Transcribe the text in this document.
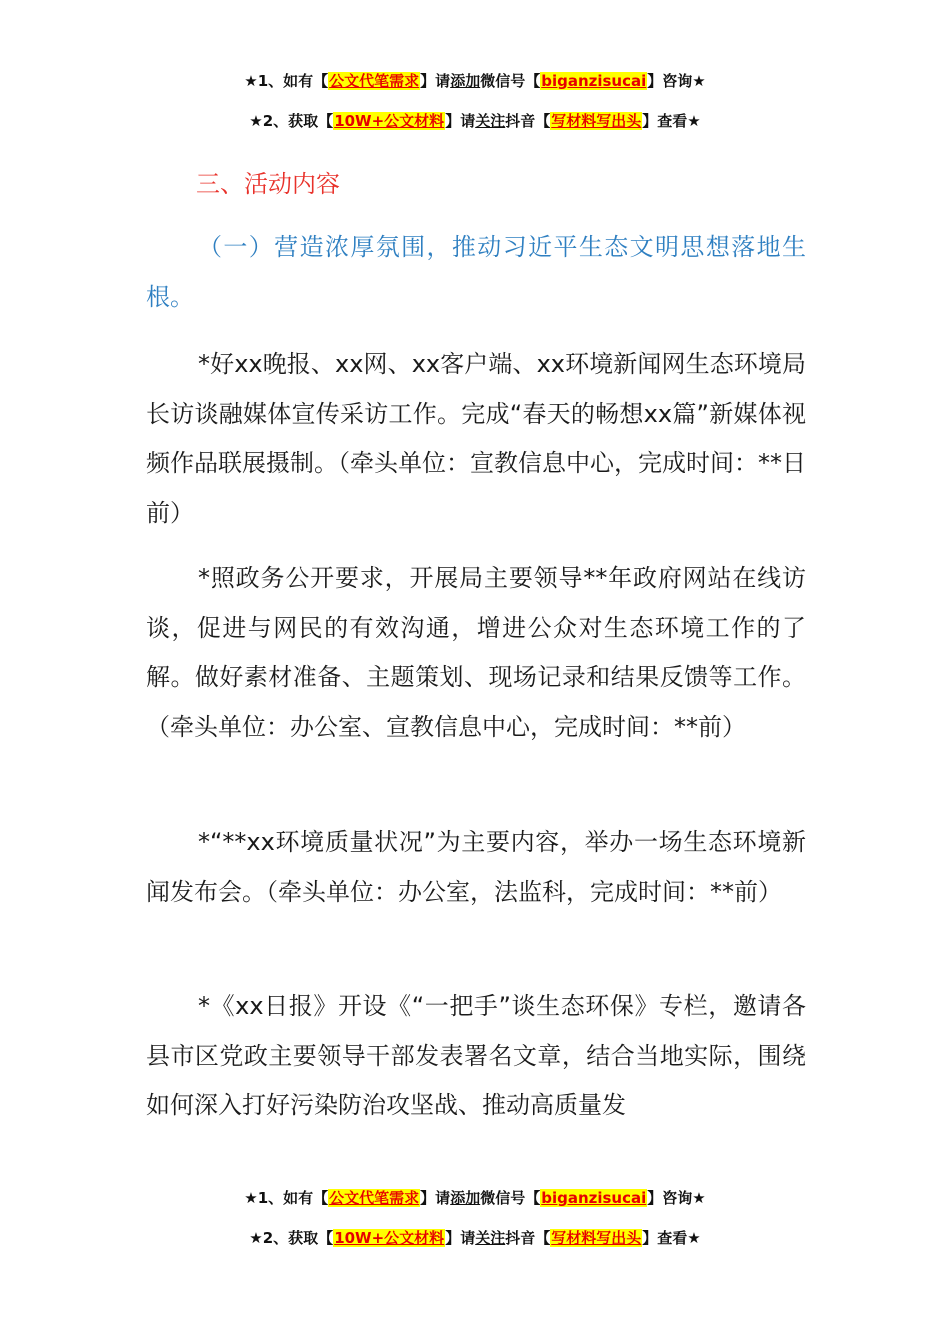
★1、如有【公文代笔需求】请添加微信号【biganzisucai】咨询★
★2、获取【10W+公文材料】请关注抖音【写材料写出头】查看★
三、活动内容
（一）营造浓厚氛围，推动习近平生态文明思想落地生根。
*好xx晚报、xx网、xx客户端、xx环境新闻网生态环境局长访谈融媒体宣传采访工作。完成“春天的畅想xx篇”新媒体视频作品联展摄制。（牵头单位：宣教信息中心，完成时间：**日前）
*照政务公开要求，开展局主要领导**年政府网站在线访谈，促进与网民的有效沟通，增进公众对生态环境工作的了解。做好素材准备、主题策划、现场记录和结果反馈等工作。（牵头单位：办公室、宣教信息中心，完成时间：**前）
*“**xx环境质量状况”为主要内容，举办一场生态环境新闻发布会。（牵头单位：办公室，法监科，完成时间：**前）
*《xx日报》开设《“一把手”谈生态环保》专栏，邀请各县市区党政主要领导干部发表署名文章，结合当地实际，围绕如何深入打好污染防治攻坚战、推动高质量发
★1、如有【公文代笔需求】请添加微信号【biganzisucai】咨询★
★2、获取【10W+公文材料】请关注抖音【写材料写出头】查看★
